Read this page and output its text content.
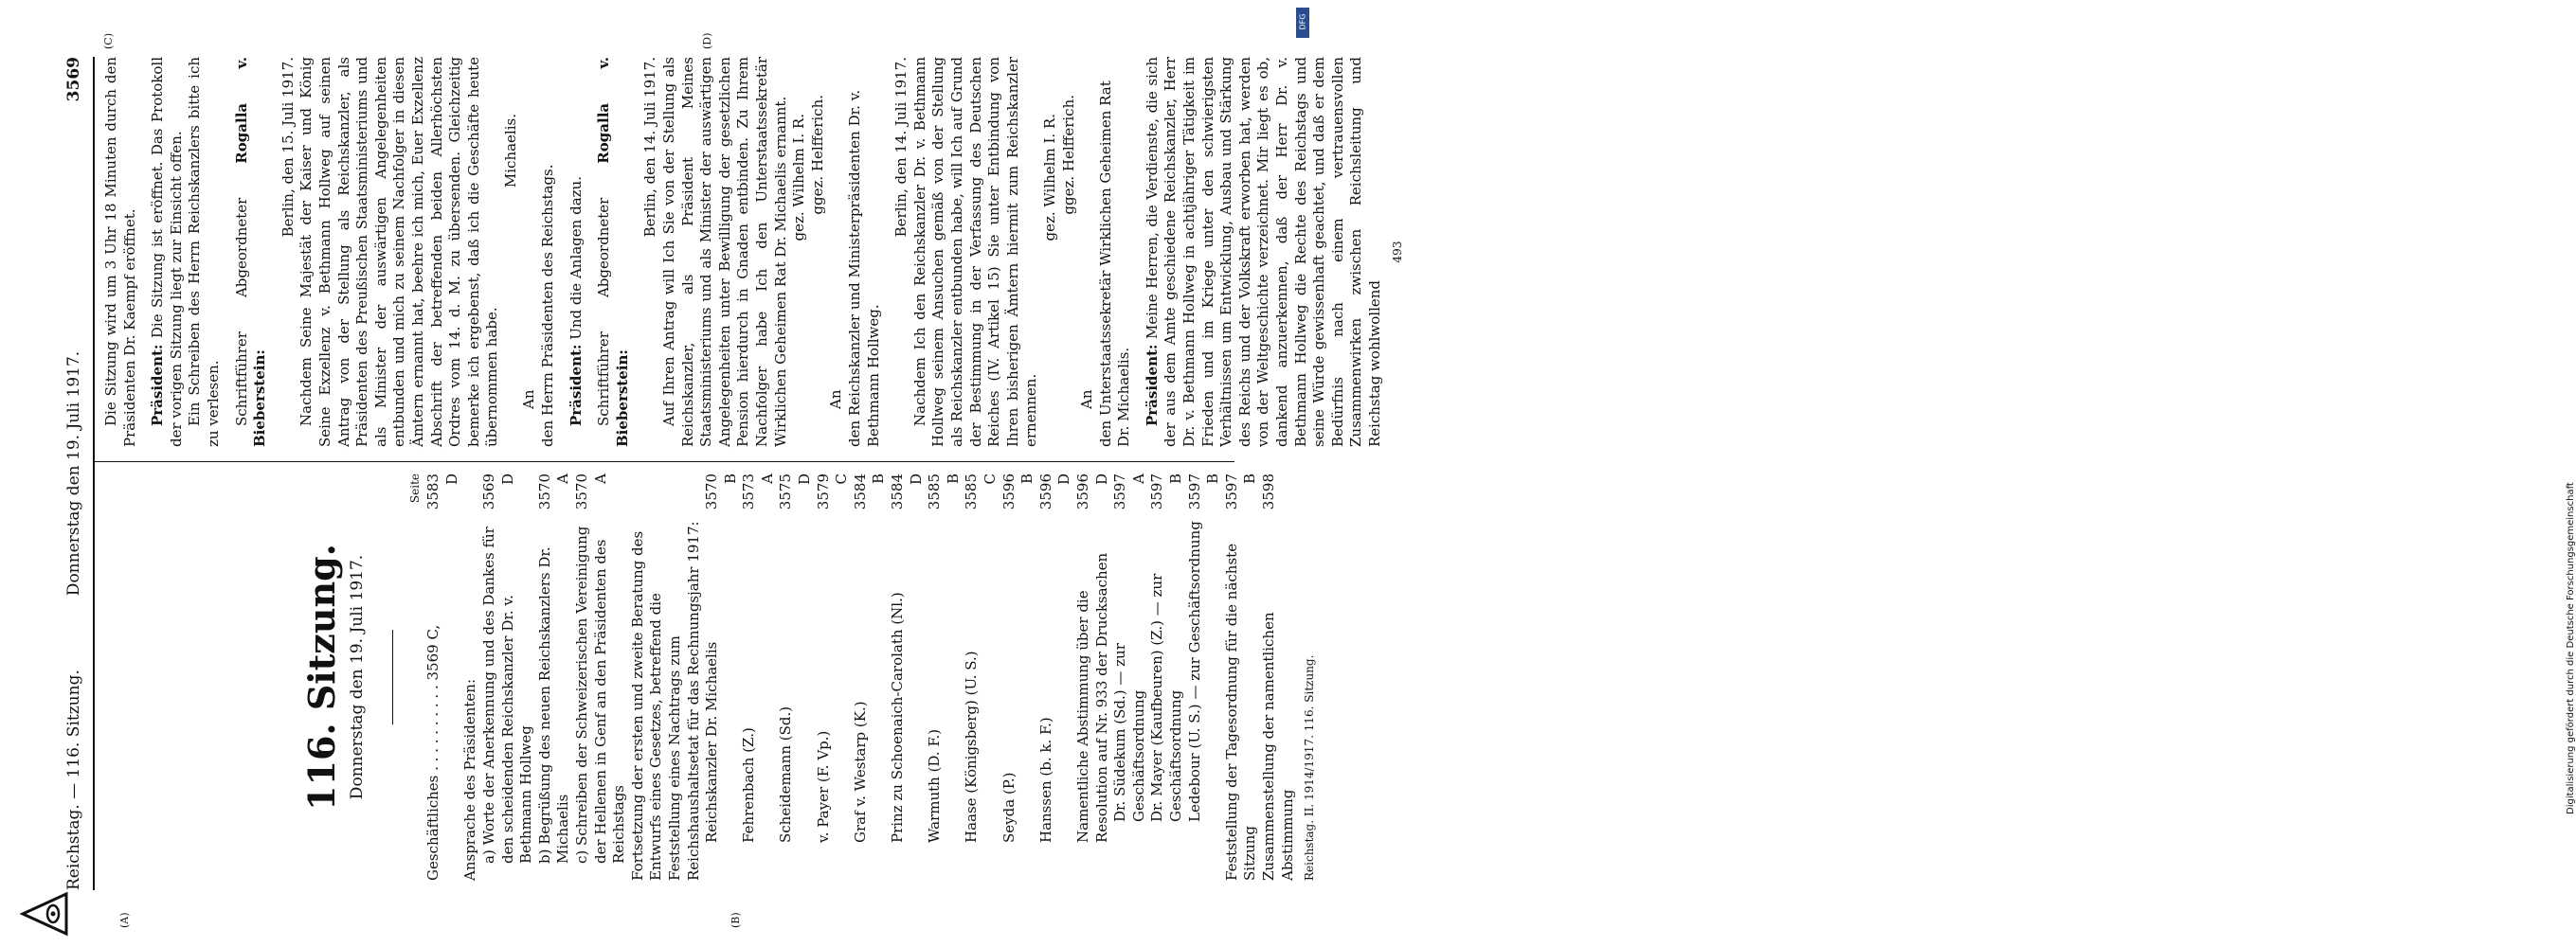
Reichstag. — 116. Sitzung.
Donnerstag den 19. Juli 1917.
3569
(A)	(B)
(C)	(D)
116. Sitzung. Donnerstag den 19. Juli 1917.

Seite

Geschäftliches . . . . . . . . . . 3569 C,
3583 D
Ansprache des Präsidenten: a) Worte der Anerkennung und des Dankes für den scheidenden Reichskanzler Dr. v. Bethmann Hollweg
3569 D
b) Begrüßung des neuen Reichskanzlers Dr. Michaelis
3570 A
c) Schreiben der Schweizerischen Vereinigung der Hellenen in Genf an den Präsidenten des Reichstags
3570 A
Fortsetzung der ersten und zweite Beratung des Entwurfs eines Gesetzes, betreffend die Feststellung eines Nachtrags zum Reichshaushaltsetat für das Rechnungsjahr 1917: Reichskanzler Dr. Michaelis
3570 B
Fehrenbach (Z.)
3573 A
Scheidemann (Sd.)
3575 D
v. Payer (F. Vp.)
3579 C
Graf v. Westarp (K.)
3584 B
Prinz zu Schoenaich-Carolath (Nl.)
3584 D
Warmuth (D. F.)
3585 B
Haase (Königsberg) (U. S.)
3585 C
Seyda (P.)
3596 B
Hanssen (b. k. F.)
3596 D
Namentliche Abstimmung über die Resolution auf Nr. 933 der Drucksachen
3596 D
Dr. Südekum (Sd.) — zur Geschäftsordnung
3597 A
Dr. Mayer (Kaufbeuren) (Z.) — zur Geschäftsordnung
3597 B
Ledebour (U. S.) — zur Geschäftsordnung
3597 B
Feststellung der Tagesordnung für die nächste Sitzung
3597 B
Zusammenstellung der namentlichen Abstimmung
3598
Reichstag. II. 1914/1917. 116. Sitzung.

Die Sitzung wird um 3 Uhr 18 Minuten durch den Präsidenten Dr. Kaempf eröffnet. Präsident: Die Sitzung ist eröffnet. Das Protokoll der vorigen Sitzung liegt zur Einsicht offen. Ein Schreiben des Herrn Reichskanzlers bitte ich zu verlesen. Schriftführer Abgeordneter Rogalla v. Bieberstein:

Berlin, den 15. Juli 1917. Nachdem Seine Majestät der Kaiser und König Seine Exzellenz v. Bethmann Hollweg auf seinen Antrag von der Stellung als Reichskanzler, als Präsidenten des Preußischen Staatsministeriums und als Minister der auswärtigen Angelegenheiten entbunden und mich zu seinem Nachfolger in diesen Ämtern ernannt hat, beehre ich mich, Euer Exzellenz Abschrift der betreffenden beiden Allerhöchsten Ordres vom 14. d. M. zu übersenden. Gleichzeitig bemerke ich ergebenst, daß ich die Geschäfte heute übernommen habe.

Michaelis.

An den Herrn Präsidenten des Reichstags. Präsident: Und die Anlagen dazu. Schriftführer Abgeordneter Rogalla v. Bieberstein:

Berlin, den 14. Juli 1917. Auf Ihren Antrag will Ich Sie von der Stellung als Reichskanzler, als Präsident Meines Staatsministeriums und als Minister der auswärtigen Angelegenheiten unter Bewilligung der gesetzlichen Pension hierdurch in Gnaden entbinden. Zu Ihrem Nachfolger habe Ich den Unterstaatssekretär Wirklichen Geheimen Rat Dr. Michaelis ernannt. gez. Wilhelm I. R. ggez. Helfferich.

An den Reichskanzler und Ministerpräsidenten Dr. v. Bethmann Hollweg.

Berlin, den 14. Juli 1917. Nachdem Ich den Reichskanzler Dr. v. Bethmann Hollweg seinem Ansuchen gemäß von der Stellung als Reichskanzler entbunden habe, will Ich auf Grund der Bestimmung in der Verfassung des Deutschen Reiches (IV. Artikel 15) Sie unter Entbindung von Ihren bisherigen Ämtern hiermit zum Reichskanzler ernennen.

gez. Wilhelm I. R. ggez. Helfferich.

An den Unterstaatssekretär Wirklichen Geheimen Rat Dr. Michaelis. Präsident: Meine Herren, die Verdienste, die sich der aus dem Amte geschiedene Reichskanzler, Herr Dr. v. Bethmann Hollweg in achtjähriger Tätigkeit im Frieden und im Kriege unter den schwierigsten Verhältnissen um Entwicklung, Ausbau und Stärkung des Reichs und der Volkskraft erworben hat, werden von der Weltgeschichte verzeichnet. Mir liegt es ob, dankend anzuerkennen, daß der Herr Dr. v. Bethmann Hollweg die Rechte des Reichstags und seine Würde gewissenhaft geachtet, und daß er dem Bedürfnis nach einem vertrauensvollen Zusammenwirken zwischen Reichsleitung und Reichstag wohlwollend

493

Digitalisierung gefördert durch die Deutsche Forschungsgemeinschaft
DFG
